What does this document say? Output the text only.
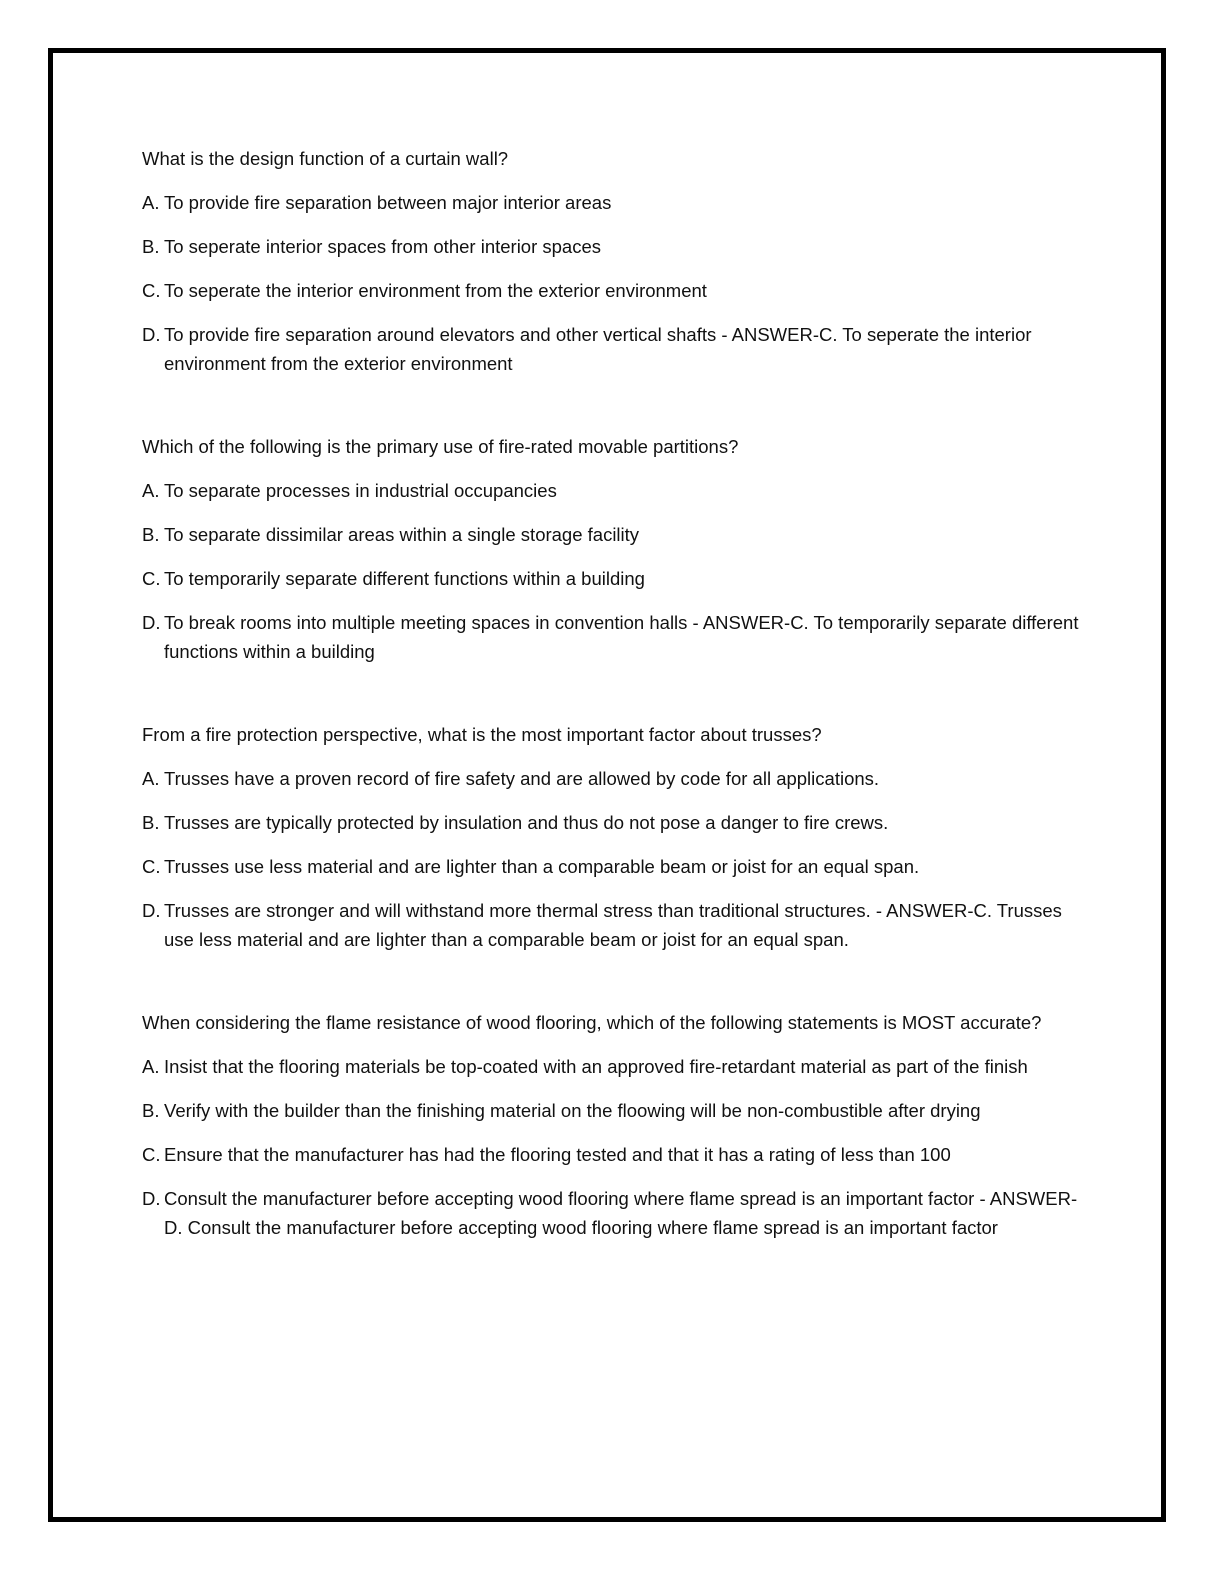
What is the design function of a curtain wall?
A. To provide fire separation between major interior areas
B. To seperate interior spaces from other interior spaces
C. To seperate the interior environment from the exterior environment
D. To provide fire separation around elevators and other vertical shafts - ANSWER-C. To seperate the interior environment from the exterior environment
Which of the following is the primary use of fire-rated movable partitions?
A. To separate processes in industrial occupancies
B. To separate dissimilar areas within a single storage facility
C. To temporarily separate different functions within a building
D. To break rooms into multiple meeting spaces in convention halls - ANSWER-C. To temporarily separate different functions within a building
From a fire protection perspective, what is the most important factor about trusses?
A. Trusses have a proven record of fire safety and are allowed by code for all applications.
B. Trusses are typically protected by insulation and thus do not pose a danger to fire crews.
C. Trusses use less material and are lighter than a comparable beam or joist for an equal span.
D. Trusses are stronger and will withstand more thermal stress than traditional structures. - ANSWER-C. Trusses use less material and are lighter than a comparable beam or joist for an equal span.
When considering the flame resistance of wood flooring, which of the following statements is MOST accurate?
A. Insist that the flooring materials be top-coated with an approved fire-retardant material as part of the finish
B. Verify with the builder than the finishing material on the floowing will be non-combustible after drying
C. Ensure that the manufacturer has had the flooring tested and that it has a rating of less than 100
D. Consult the manufacturer before accepting wood flooring where flame spread is an important factor - ANSWER-D. Consult the manufacturer before accepting wood flooring where flame spread is an important factor
